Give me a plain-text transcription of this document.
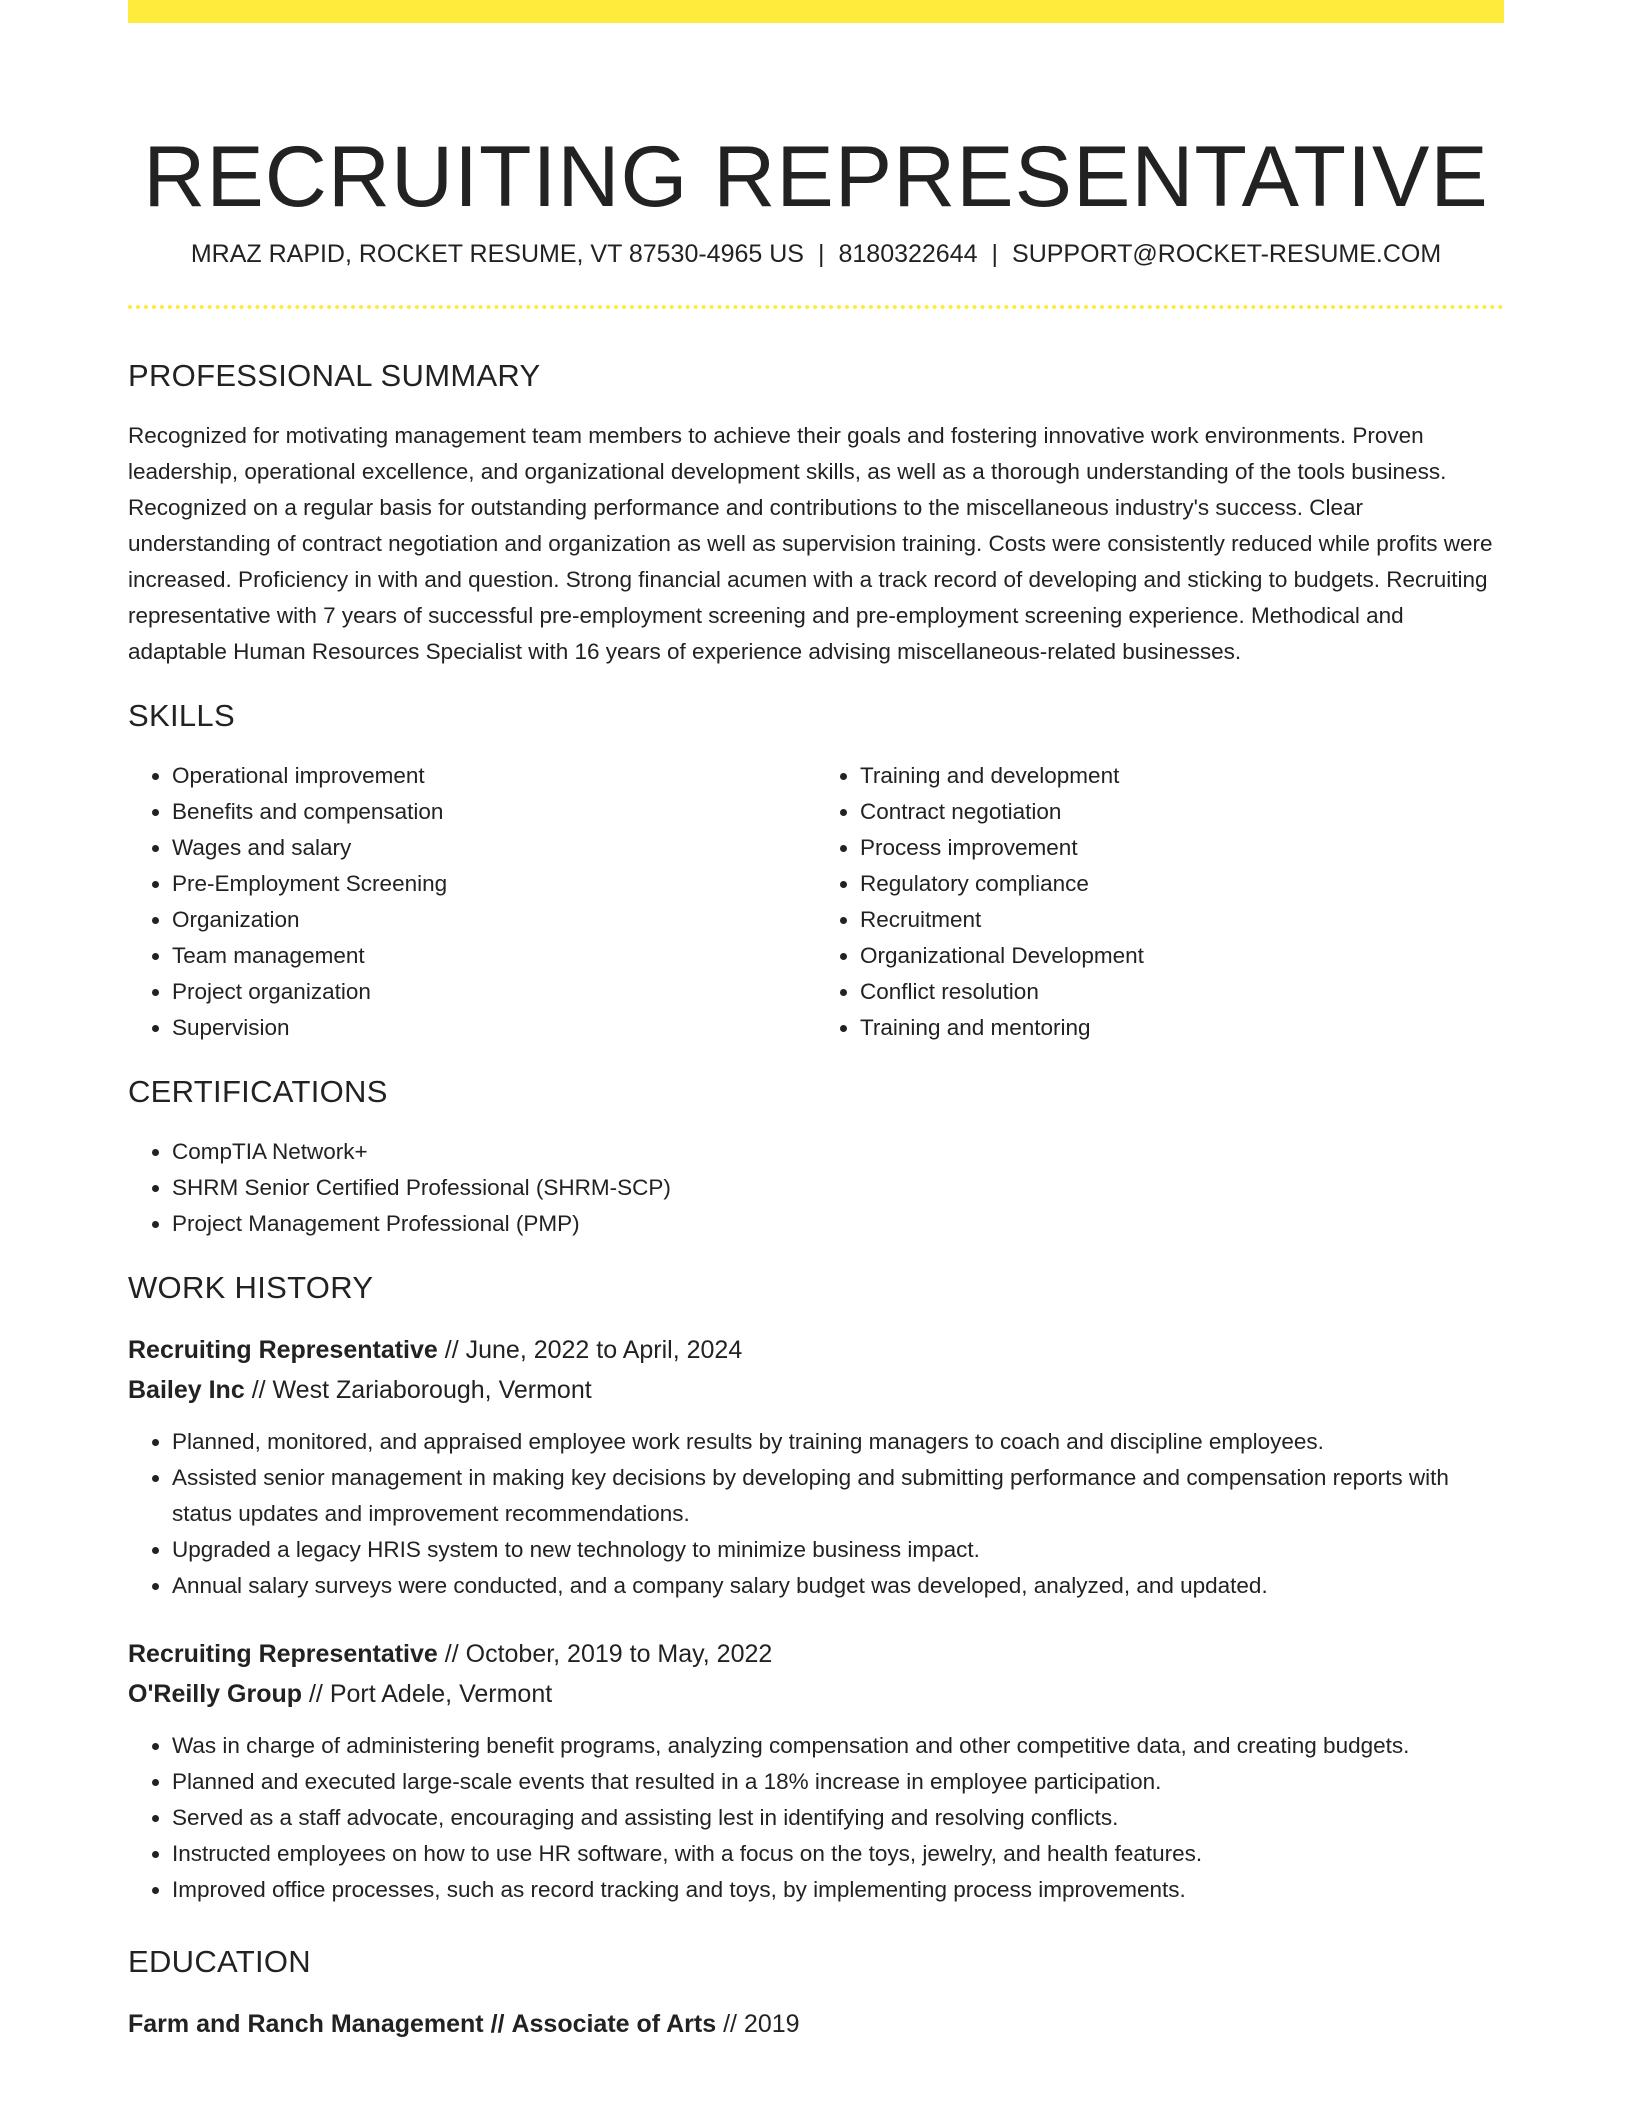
RECRUITING REPRESENTATIVE
MRAZ RAPID, ROCKET RESUME, VT 87530-4965 US | 8180322644 | SUPPORT@ROCKET-RESUME.COM
PROFESSIONAL SUMMARY

Recognized for motivating management team members to achieve their goals and fostering innovative work environments. Proven leadership, operational excellence, and organizational development skills, as well as a thorough understanding of the tools business. Recognized on a regular basis for outstanding performance and contributions to the miscellaneous industry's success. Clear understanding of contract negotiation and organization as well as supervision training. Costs were consistently reduced while profits were increased. Proficiency in with and question. Strong financial acumen with a track record of developing and sticking to budgets. Recruiting representative with 7 years of successful pre-employment screening and pre-employment screening experience. Methodical and adaptable Human Resources Specialist with 16 years of experience advising miscellaneous-related businesses.

SKILLS
• Operational improvement
• Benefits and compensation
• Wages and salary
• Pre-Employment Screening
• Organization
• Team management
• Project organization
• Supervision
• Training and development
• Contract negotiation
• Process improvement
• Regulatory compliance
• Recruitment
• Organizational Development
• Conflict resolution
• Training and mentoring
CERTIFICATIONS
• CompTIA Network+
• SHRM Senior Certified Professional (SHRM-SCP)
• Project Management Professional (PMP)
WORK HISTORY
Recruiting Representative // June, 2022 to April, 2024
Bailey Inc // West Zariaborough, Vermont
• Planned, monitored, and appraised employee work results by training managers to coach and discipline employees.
• Assisted senior management in making key decisions by developing and submitting performance and compensation reports with status updates and improvement recommendations.
• Upgraded a legacy HRIS system to new technology to minimize business impact.
• Annual salary surveys were conducted, and a company salary budget was developed, analyzed, and updated.
Recruiting Representative // October, 2019 to May, 2022
O'Reilly Group // Port Adele, Vermont
• Was in charge of administering benefit programs, analyzing compensation and other competitive data, and creating budgets.
• Planned and executed large-scale events that resulted in a 18% increase in employee participation.
• Served as a staff advocate, encouraging and assisting lest in identifying and resolving conflicts.
• Instructed employees on how to use HR software, with a focus on the toys, jewelry, and health features.
• Improved office processes, such as record tracking and toys, by implementing process improvements.
EDUCATION
Farm and Ranch Management // Associate of Arts // 2019
